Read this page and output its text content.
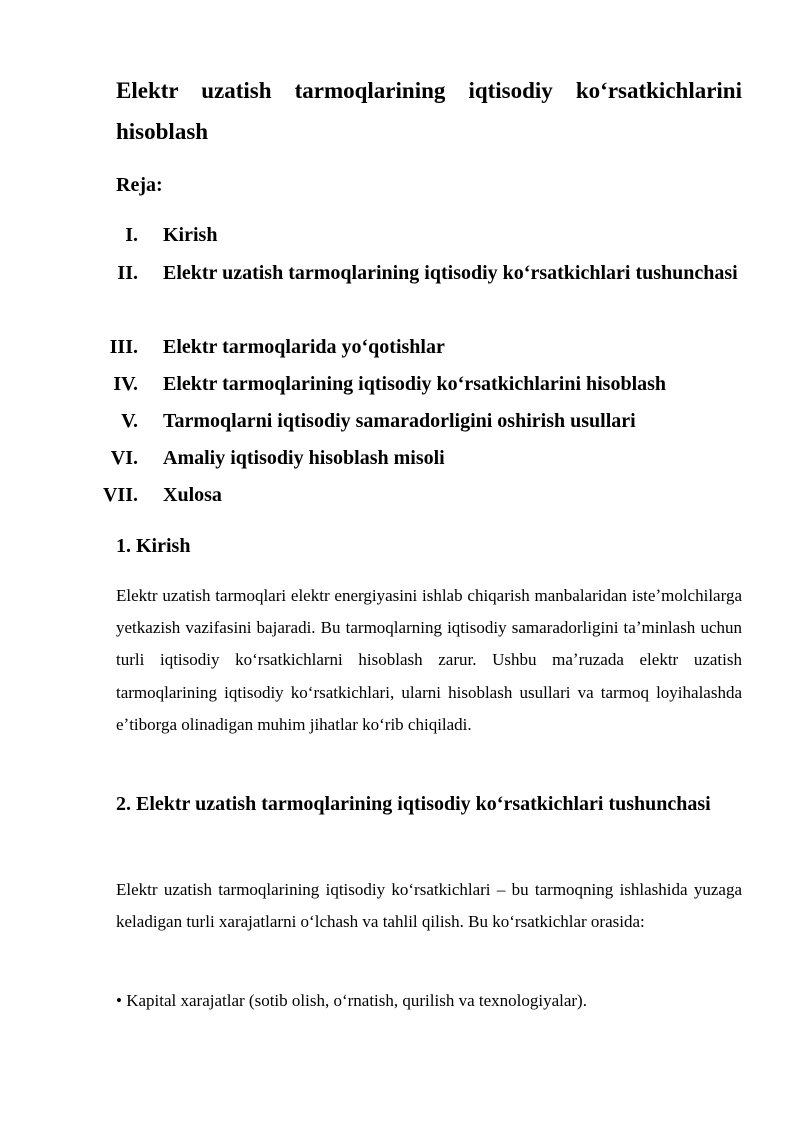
Elektr uzatish tarmoqlarining iqtisodiy koʻrsatkichlarini hisoblash
Reja:
I. Kirish
II. Elektr uzatish tarmoqlarining iqtisodiy koʻrsatkichlari tushunchasi
III. Elektr tarmoqlarida yoʻqotishlar
IV. Elektr tarmoqlarining iqtisodiy koʻrsatkichlarini hisoblash
V. Tarmoqlarni iqtisodiy samaradorligini oshirish usullari
VI. Amaliy iqtisodiy hisoblash misoli
VII. Xulosa
1. Kirish
Elektr uzatish tarmoqlari elektr energiyasini ishlab chiqarish manbalaridan isteʼmolchilarga yetkazish vazifasini bajaradi. Bu tarmoqlarning iqtisodiy samaradorligini taʼminlash uchun turli iqtisodiy koʻrsatkichlarni hisoblash zarur. Ushbu maʼruzada elektr uzatish tarmoqlarining iqtisodiy koʻrsatkichlari, ularni hisoblash usullari va tarmoq loyihalashda eʼtiborga olinadigan muhim jihatlar koʻrib chiqiladi.
2. Elektr uzatish tarmoqlarining iqtisodiy koʻrsatkichlari tushunchasi
Elektr uzatish tarmoqlarining iqtisodiy koʻrsatkichlari – bu tarmoqning ishlashida yuzaga keladigan turli xarajatlarni oʻlchash va tahlil qilish. Bu koʻrsatkichlar orasida:
• Kapital xarajatlar (sotib olish, oʻrnatish, qurilish va texnologiyalar).
